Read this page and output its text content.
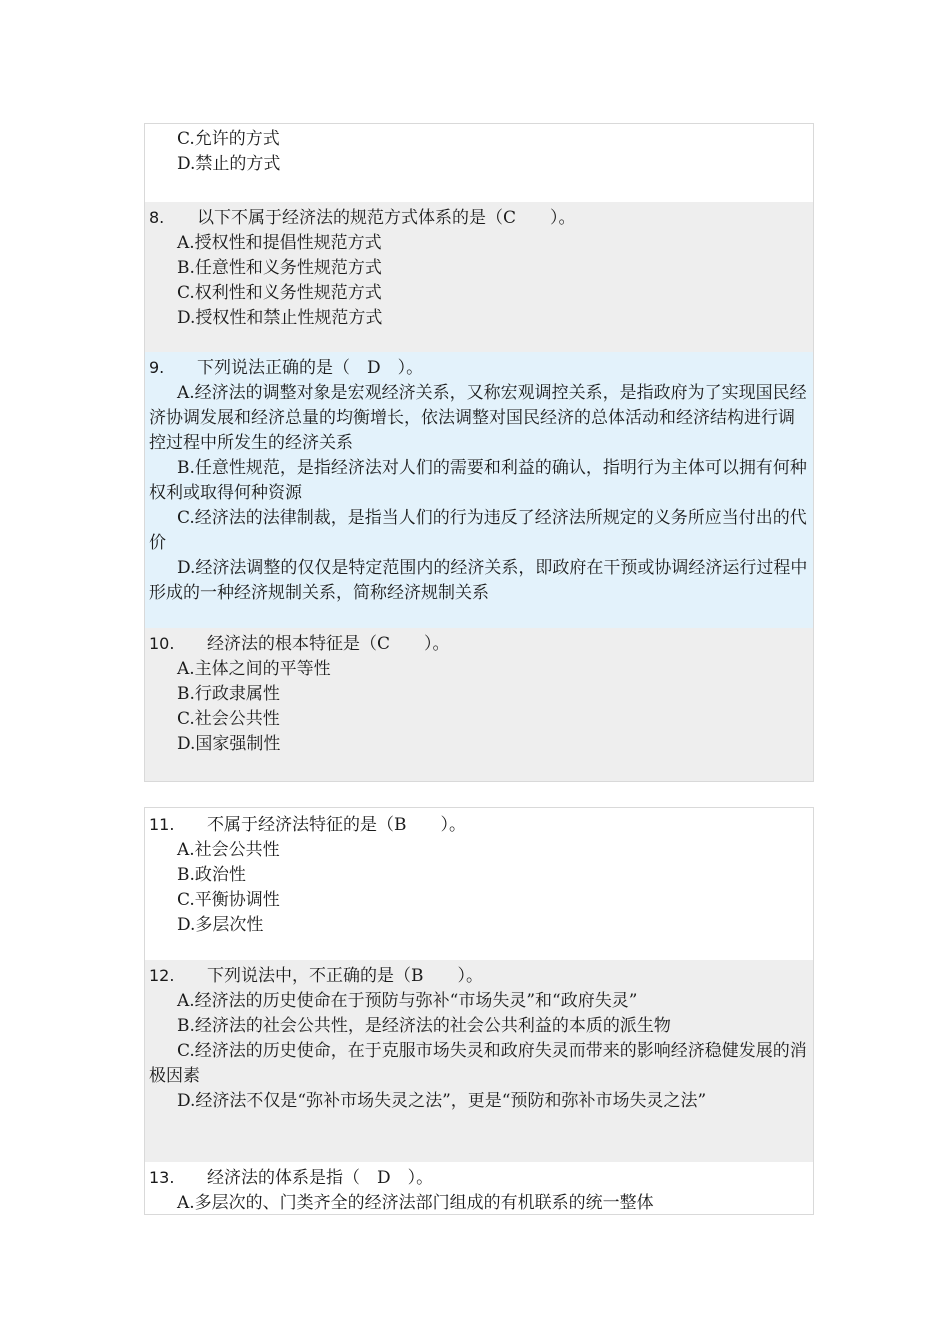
C.允许的方式
D.禁止的方式
8.	以下不属于经济法的规范方式体系的是（C　　）。
A.授权性和提倡性规范方式
B.任意性和义务性规范方式
C.权利性和义务性规范方式
D.授权性和禁止性规范方式
9.	下列说法正确的是（　D　）。
A.经济法的调整对象是宏观经济关系，又称宏观调控关系，是指政府为了实现国民经济协调发展和经济总量的均衡增长，依法调整对国民经济的总体活动和经济结构进行调控过程中所发生的经济关系
B.任意性规范，是指经济法对人们的需要和利益的确认，指明行为主体可以拥有何种权利或取得何种资源
C.经济法的法律制裁，是指当人们的行为违反了经济法所规定的义务所应当付出的代价
D.经济法调整的仅仅是特定范围内的经济关系，即政府在干预或协调经济运行过程中形成的一种经济规制关系，简称经济规制关系
10.	经济法的根本特征是（C　　）。
A.主体之间的平等性
B.行政隶属性
C.社会公共性
D.国家强制性
11.	不属于经济法特征的是（B　　）。
A.社会公共性
B.政治性
C.平衡协调性
D.多层次性
12.	下列说法中，不正确的是（B　　）。
A.经济法的历史使命在于预防与弥补“市场失灵”和“政府失灵”
B.经济法的社会公共性，是经济法的社会公共利益的本质的派生物
C.经济法的历史使命，在于克服市场失灵和政府失灵而带来的影响经济稳健发展的消极因素
D.经济法不仅是“弥补市场失灵之法”，更是“预防和弥补市场失灵之法”
13.	经济法的体系是指（　D　）。
A.多层次的、门类齐全的经济法部门组成的有机联系的统一整体
